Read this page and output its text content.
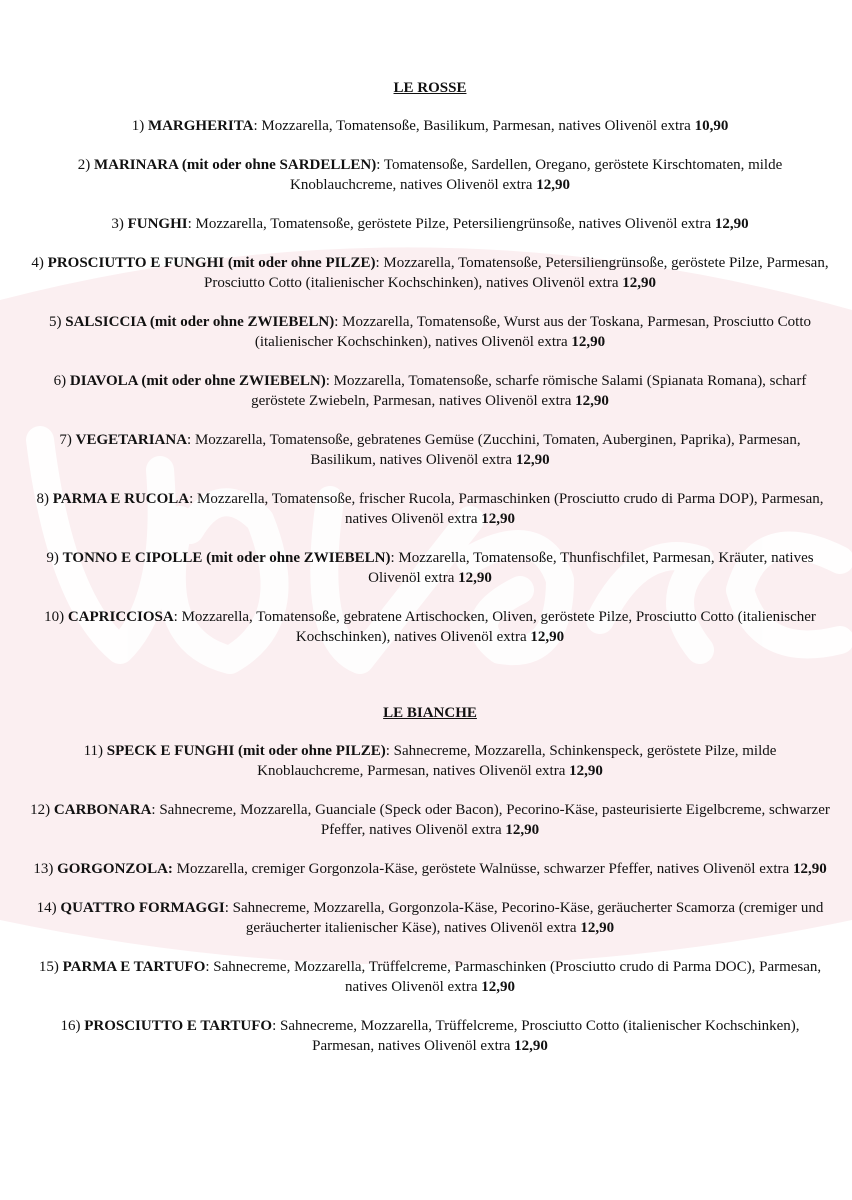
LE ROSSE

1) MARGHERITA: Mozzarella, Tomatensoße, Basilikum, Parmesan, natives Olivenöl extra 10,90

2) MARINARA (mit oder ohne SARDELLEN): Tomatensoße, Sardellen, Oregano, geröstete Kirschtomaten, milde Knoblauchcreme, natives Olivenöl extra 12,90

3) FUNGHI: Mozzarella, Tomatensoße, geröstete Pilze, Petersiliengrünsoße, natives Olivenöl extra 12,90

4) PROSCIUTTO E FUNGHI (mit oder ohne PILZE): Mozzarella, Tomatensoße, Petersiliengrünsoße, geröstete Pilze, Parmesan, Prosciutto Cotto (italienischer Kochschinken), natives Olivenöl extra 12,90

5) SALSICCIA (mit oder ohne ZWIEBELN): Mozzarella, Tomatensoße, Wurst aus der Toskana, Parmesan, Prosciutto Cotto (italienischer Kochschinken), natives Olivenöl extra 12,90

6) DIAVOLA (mit oder ohne ZWIEBELN): Mozzarella, Tomatensoße, scharfe römische Salami (Spianata Romana), scharf geröstete Zwiebeln, Parmesan, natives Olivenöl extra 12,90

7) VEGETARIANA: Mozzarella, Tomatensoße, gebratenes Gemüse (Zucchini, Tomaten, Auberginen, Paprika), Parmesan, Basilikum, natives Olivenöl extra 12,90

8) PARMA E RUCOLA: Mozzarella, Tomatensoße, frischer Rucola, Parmaschinken (Prosciutto crudo di Parma DOP), Parmesan, natives Olivenöl extra 12,90

9) TONNO E CIPOLLE (mit oder ohne ZWIEBELN): Mozzarella, Tomatensoße, Thunfischfilet, Parmesan, Kräuter, natives Olivenöl extra 12,90

10) CAPRICCIOSA: Mozzarella, Tomatensoße, gebratene Artischocken, Oliven, geröstete Pilze, Prosciutto Cotto (italienischer Kochschinken), natives Olivenöl extra 12,90

LE BIANCHE

11) SPECK E FUNGHI (mit oder ohne PILZE): Sahnecreme, Mozzarella, Schinkenspeck, geröstete Pilze, milde Knoblauchcreme, Parmesan, natives Olivenöl extra 12,90

12) CARBONARA: Sahnecreme, Mozzarella, Guanciale (Speck oder Bacon), Pecorino-Käse, pasteurisierte Eigelbcreme, schwarzer Pfeffer, natives Olivenöl extra 12,90

13) GORGONZOLA: Mozzarella, cremiger Gorgonzola-Käse, geröstete Walnüsse, schwarzer Pfeffer, natives Olivenöl extra 12,90

14) QUATTRO FORMAGGI: Sahnecreme, Mozzarella, Gorgonzola-Käse, Pecorino-Käse, geräucherter Scamorza (cremiger und geräucherter italienischer Käse), natives Olivenöl extra 12,90

15) PARMA E TARTUFO: Sahnecreme, Mozzarella, Trüffelcreme, Parmaschinken (Prosciutto crudo di Parma DOC), Parmesan, natives Olivenöl extra 12,90

16) PROSCIUTTO E TARTUFO: Sahnecreme, Mozzarella, Trüffelcreme, Prosciutto Cotto (italienischer Kochschinken), Parmesan, natives Olivenöl extra 12,90
